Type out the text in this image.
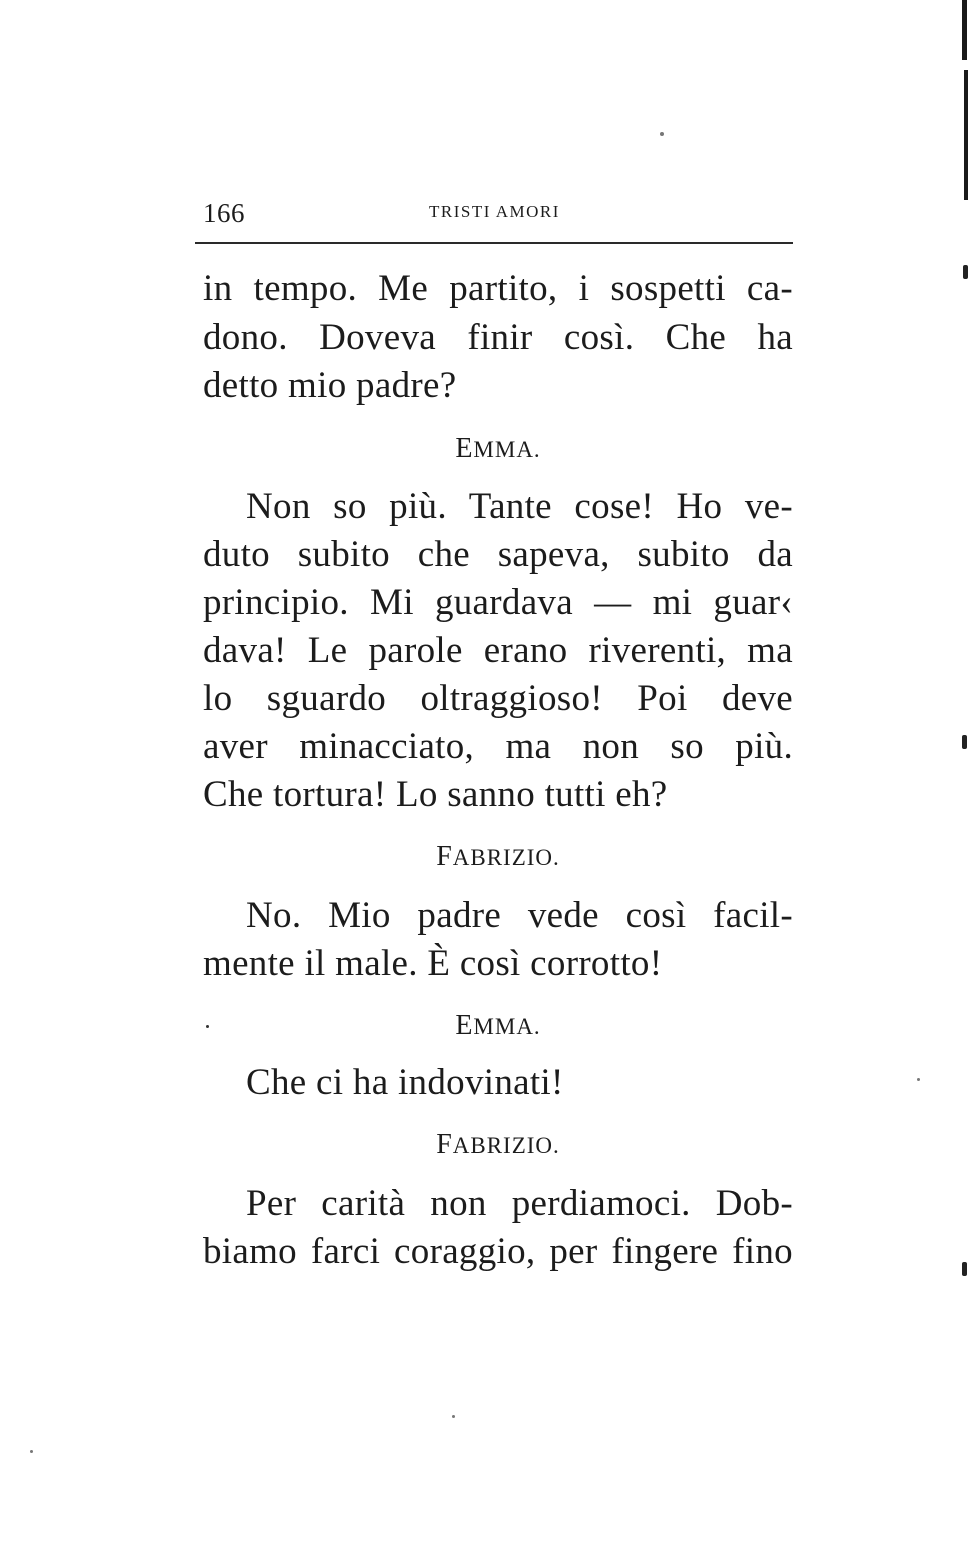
166	TRISTI AMORI
in tempo. Me partito, i sospetti ca-
dono. Doveva finir così. Che ha
detto mio padre?
EMMA.
Non so più. Tante cose! Ho ve-
duto subito che sapeva, subito da
principio. Mi guardava — mi guar‹
dava! Le parole erano riverenti, ma
lo sguardo oltraggioso! Poi deve
aver minacciato, ma non so più.
Che tortura! Lo sanno tutti eh?
FABRIZIO.
No. Mio padre vede così facil-
mente il male. È così corrotto!
EMMA.
Che ci ha indovinati!
FABRIZIO.
Per carità non perdiamoci. Dob-
biamo farci coraggio, per fingere fino
